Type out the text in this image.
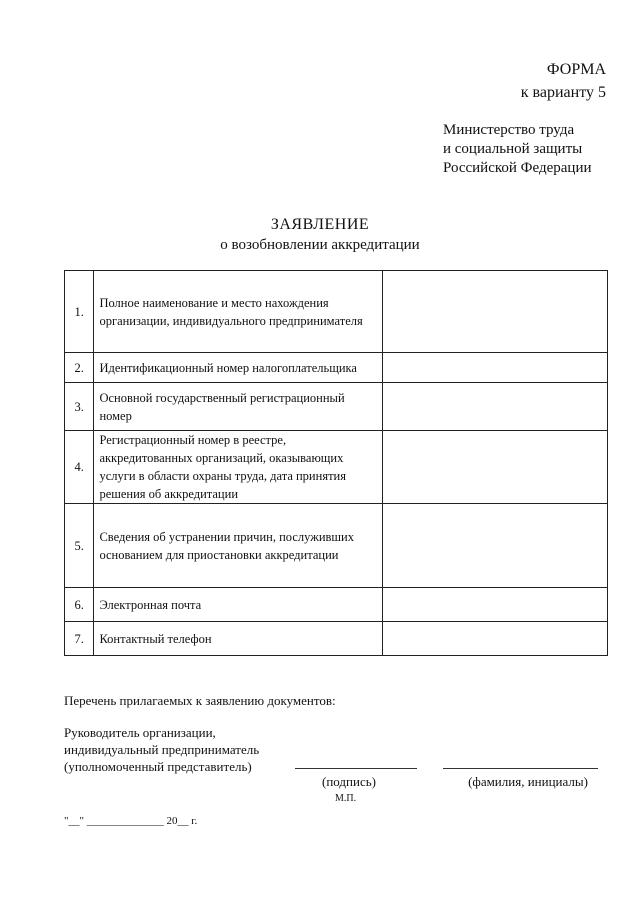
ФОРМА
к варианту 5
Министерство труда
и социальной защиты
Российской Федерации
ЗАЯВЛЕНИЕ
о возобновлении аккредитации
1.	Полное наименование и место нахождения организации, индивидуального предпринимателя	
2.	Идентификационный номер налогоплательщика	
3.	Основной государственный регистрационный номер	
4.	Регистрационный номер в реестре, аккредитованных организаций, оказывающих услуги в области охраны труда, дата принятия решения об аккредитации	
5.	Сведения об устранении причин, послуживших основанием для приостановки аккредитации	
6.	Электронная почта	
7.	Контактный телефон	
Перечень прилагаемых к заявлению документов:
Руководитель организации,
индивидуальный предприниматель
(уполномоченный представитель)
(подпись)	(фамилия, инициалы)
М.П.
"__" ______________ 20__ г.
